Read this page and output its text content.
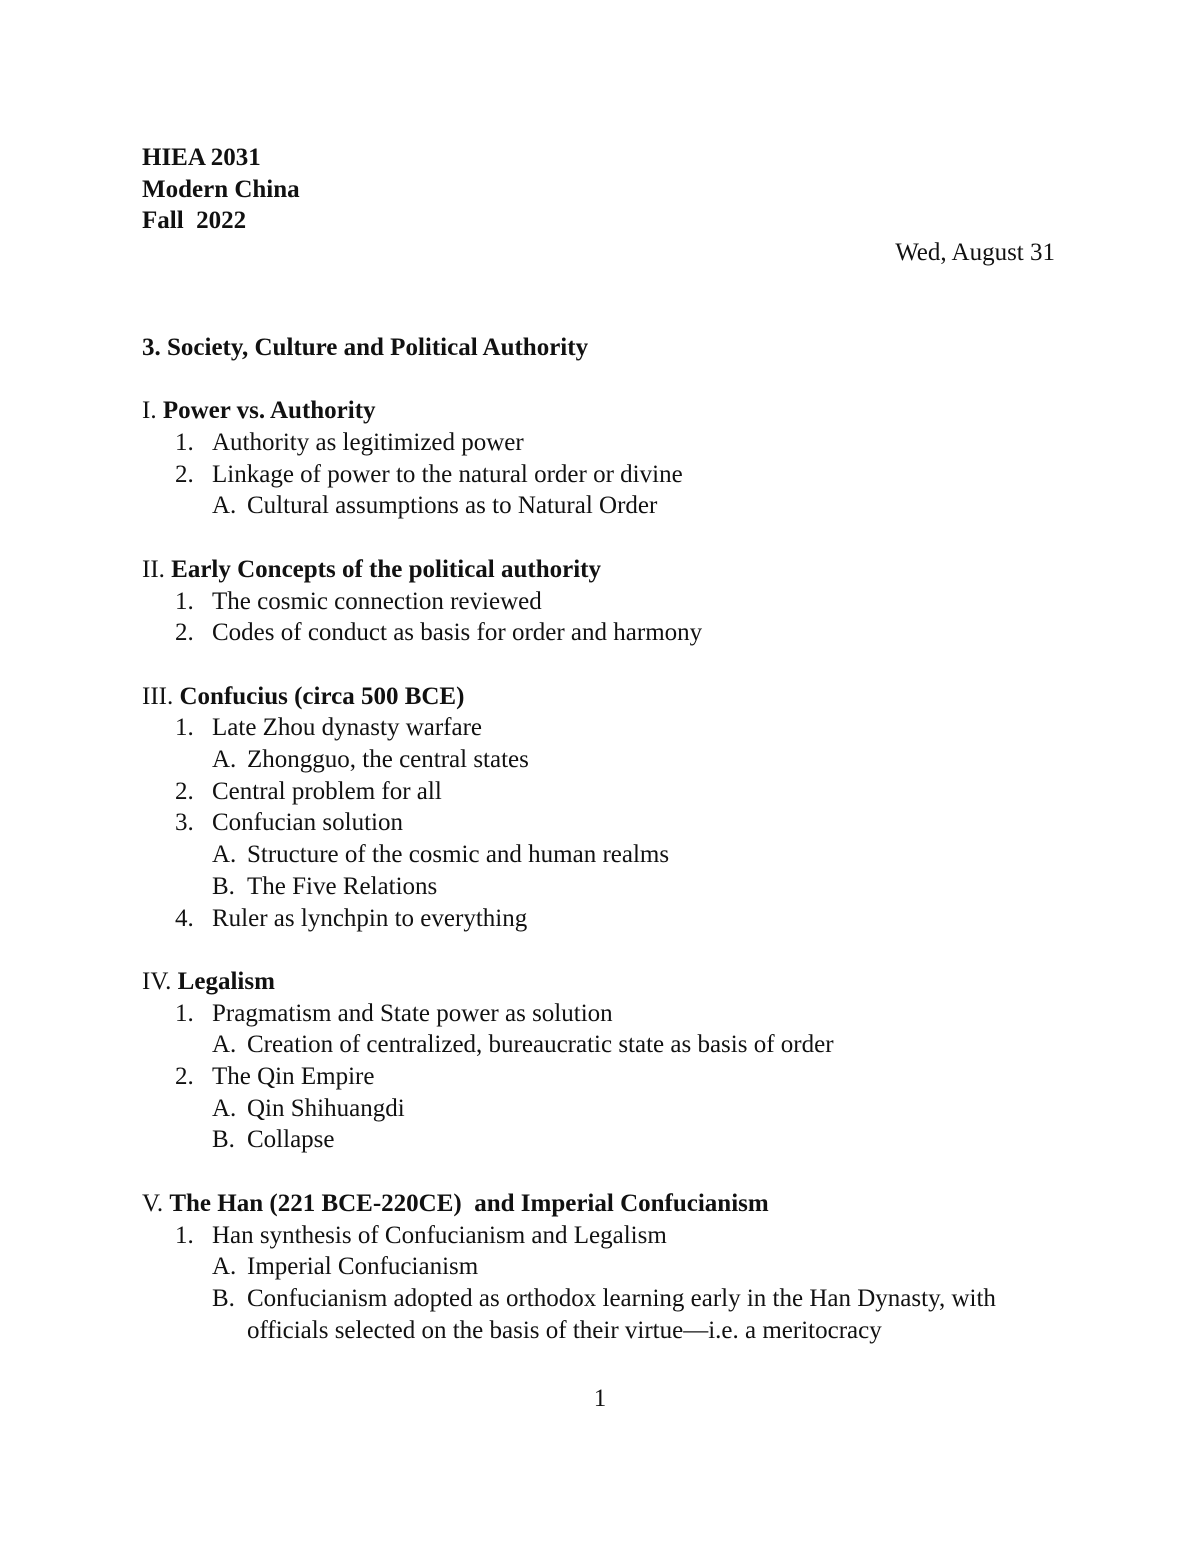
HIEA 2031
Modern China
Fall  2022
Wed, August 31
3. Society, Culture and Political Authority
I. Power vs. Authority
1. Authority as legitimized power
2. Linkage of power to the natural order or divine
A. Cultural assumptions as to Natural Order
II. Early Concepts of the political authority
1. The cosmic connection reviewed
2. Codes of conduct as basis for order and harmony
III. Confucius (circa 500 BCE)
1. Late Zhou dynasty warfare
A. Zhongguo, the central states
2. Central problem for all
3. Confucian solution
A. Structure of the cosmic and human realms
B. The Five Relations
4. Ruler as lynchpin to everything
IV. Legalism
1. Pragmatism and State power as solution
A. Creation of centralized, bureaucratic state as basis of order
2. The Qin Empire
A. Qin Shihuangdi
B. Collapse
V. The Han (221 BCE-220CE)  and Imperial Confucianism
1. Han synthesis of Confucianism and Legalism
A. Imperial Confucianism
B. Confucianism adopted as orthodox learning early in the Han Dynasty, with officials selected on the basis of their virtue—i.e. a meritocracy
1
